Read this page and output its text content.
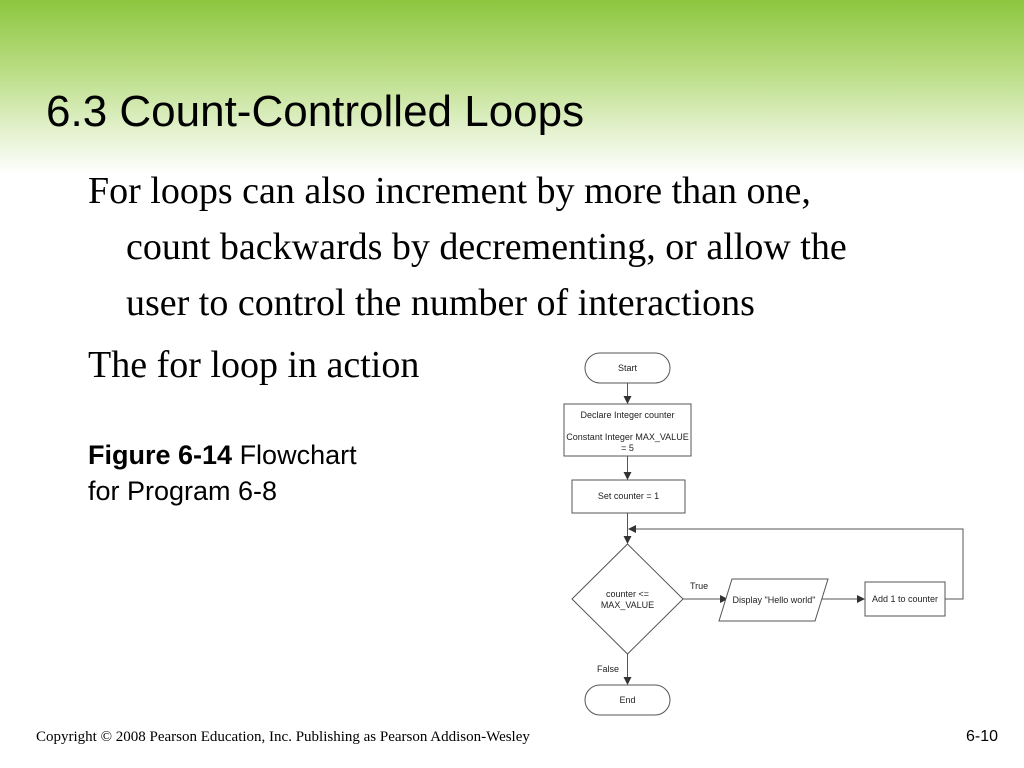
6.3 Count-Controlled Loops
For loops can also increment by more than one,
count backwards by decrementing, or allow the
user to control the number of interactions
The for loop in action
Figure 6-14 Flowchart
for Program 6-8
Start
Declare Integer counter
Constant Integer MAX_VALUE
= 5
Set counter = 1
counter <=
MAX_VALUE
True
Display "Hello world"	Add 1 to counter
False
End
Copyright © 2008 Pearson Education, Inc. Publishing as Pearson Addison-Wesley	6-10
